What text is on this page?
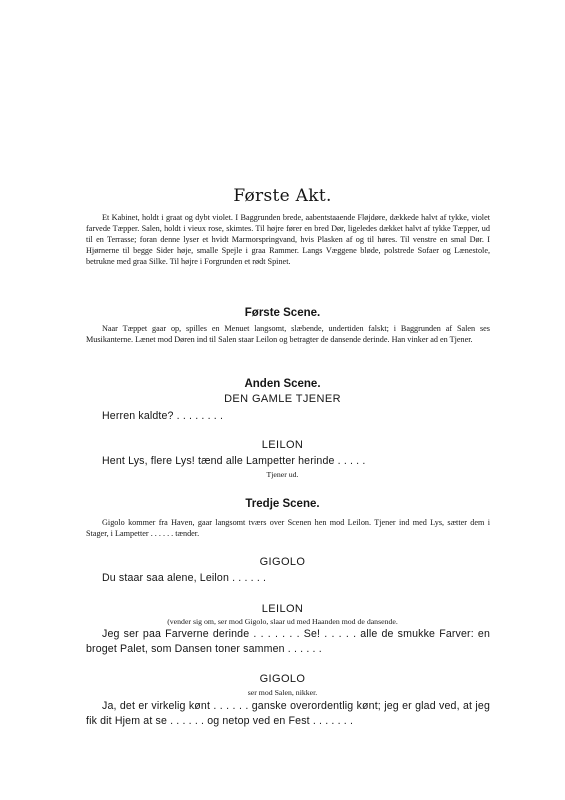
Første Akt.

Et Kabinet, holdt i graat og dybt violet. I Baggrunden brede, aabentstaaende Fløjdøre, dækkede halvt af tykke, violet farvede Tæpper. Salen, holdt i vieux rose, skimtes. Til højre fører en bred Dør, ligeledes dækket halvt af tykke Tæpper, ud til en Terrasse; foran denne lyser et hvidt Marmorspringvand, hvis Plasken af og til høres. Til venstre en smal Dør. I Hjørnerne til begge Sider høje, smalle Spejle i graa Rammer. Langs Væggene bløde, polstrede Sofaer og Lænestole, betrukne med graa Silke. Til højre i Forgrunden et rødt Spinet.

Første Scene.

Naar Tæppet gaar op, spilles en Menuet langsomt, slæbende, undertiden falskt; i Baggrunden af Salen ses Musikanterne. Lænet mod Døren ind til Salen staar Leilon og betragter de dansende derinde. Han vinker ad en Tjener.

Anden Scene.
DEN GAMLE TJENER

Herren kaldte? . . . . . . . .

LEILON

Hent Lys, flere Lys! tænd alle Lampetter herinde . . . . .

Tjener ud.
Tredje Scene.

Gigolo kommer fra Haven, gaar langsomt tværs over Scenen hen mod Leilon. Tjener ind med Lys, sætter dem i Stager, i Lampetter . . . . . . tænder.

GIGOLO

Du staar saa alene, Leilon . . . . . .

LEILON
(vender sig om, ser mod Gigolo, slaar ud med Haanden mod de dansende.

Jeg ser paa Farverne derinde . . . . . . . Se! . . . . . alle de smukke Farver: en broget Palet, som Dansen toner sammen . . . . . .

GIGOLO
ser mod Salen, nikker.

Ja, det er virkelig kønt . . . . . . ganske overordentlig kønt; jeg er glad ved, at jeg fik dit Hjem at se . . . . . . og netop ved en Fest . . . . . . .
